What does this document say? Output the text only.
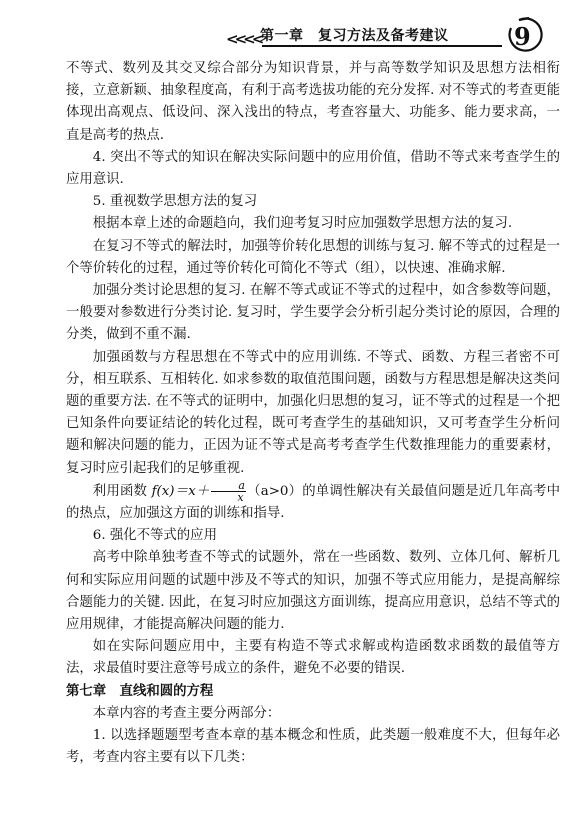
<<<< 第一章　复习方法及备考建议	9

不等式、数列及其交叉综合部分为知识背景，并与高等数学知识及思想方法相衔接，立意新颖、抽象程度高，有利于高考选拔功能的充分发挥. 对不等式的考查更能体现出高观点、低设问、深入浅出的特点，考查容量大、功能多、能力要求高，一直是高考的热点.

4. 突出不等式的知识在解决实际问题中的应用价值，借助不等式来考查学生的应用意识.

5. 重视数学思想方法的复习

根据本章上述的命题趋向，我们迎考复习时应加强数学思想方法的复习.

在复习不等式的解法时，加强等价转化思想的训练与复习. 解不等式的过程是一个等价转化的过程，通过等价转化可简化不等式（组），以快速、准确求解.

加强分类讨论思想的复习. 在解不等式或证不等式的过程中，如含参数等问题，一般要对参数进行分类讨论. 复习时，学生要学会分析引起分类讨论的原因，合理的分类，做到不重不漏.

加强函数与方程思想在不等式中的应用训练. 不等式、函数、方程三者密不可分，相互联系、互相转化. 如求参数的取值范围问题，函数与方程思想是解决这类问题的重要方法. 在不等式的证明中，加强化归思想的复习，证不等式的过程是一个把已知条件向要证结论的转化过程，既可考查学生的基础知识，又可考查学生分析问题和解决问题的能力，正因为证不等式是高考考查学生代数推理能力的重要素材，复习时应引起我们的足够重视.

利用函数 $f(x)=x+ \frac{a}{x} (a>0)$的单调性解决有关最值问题是近几年高考中的热点，应加强这方面的训练和指导.

6. 强化不等式的应用

高考中除单独考查不等式的试题外，常在一些函数、数列、立体几何、解析几何和实际应用问题的试题中涉及不等式的知识，加强不等式应用能力，是提高解综合题能力的关键. 因此，在复习时应加强这方面训练，提高应用意识，总结不等式的应用规律，才能提高解决问题的能力.

如在实际问题应用中，主要有构造不等式求解或构造函数求函数的最值等方法，求最值时要注意等号成立的条件，避免不必要的错误.

第七章　直线和圆的方程

本章内容的考查主要分两部分：

1. 以选择题题型考查本章的基本概念和性质，此类题一般难度不大，但每年必考，考查内容主要有以下几类：
